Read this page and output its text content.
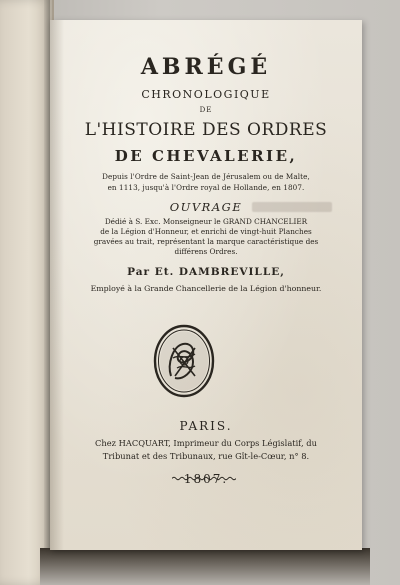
ABRÉGÉ
CHRONOLOGIQUE
DE
L'HISTOIRE DES ORDRES
DE CHEVALERIE,
Depuis l'Ordre de Saint-Jean de Jérusalem ou de Malte,
en 1113, jusqu'à l'Ordre royal de Hollande, en 1807.
OUVRAGE
Dédié à S. Exc. Monseigneur le GRAND CHANCELIER
de la Légion d'Honneur, et enrichi de vingt-huit Planches
gravées au trait, représentant la marque caractéristique des
différens Ordres.
Par Et. DAMBREVILLE,
Employé à la Grande Chancellerie de la Légion d'honneur.
PARIS.
Chez HACQUART, Imprimeur du Corps Législatif, du
Tribunat et des Tribunaux, rue Gît-le-Cœur, n° 8.
1807.
